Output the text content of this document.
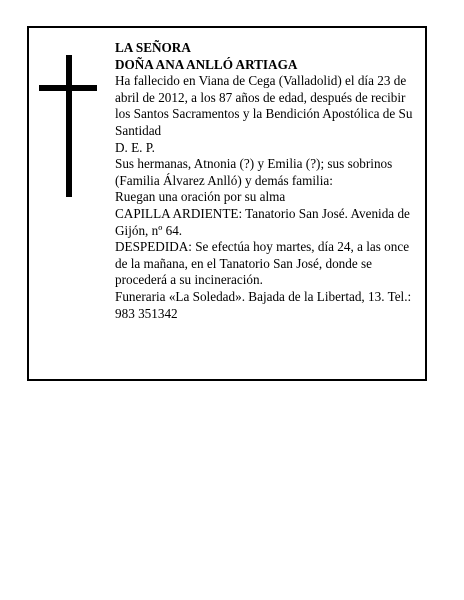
LA SEÑORA

DOÑA ANA ANLLÓ ARTIAGA

Ha fallecido en Viana de Cega (Valladolid) el día 23 de abril de 2012, a los 87 años de edad, después de recibir los Santos Sacramentos y la Bendición Apostólica de Su Santidad

D. E. P.

Sus hermanas, Atnonia (?) y Emilia (?); sus sobrinos (Familia Álvarez Anlló) y demás familia:

Ruegan una oración por su alma

CAPILLA ARDIENTE: Tanatorio San José. Avenida de Gijón, nº 64.

DESPEDIDA: Se efectúa hoy martes, día 24, a las once de la mañana, en el Tanatorio San José, donde se procederá a su incineración.

Funeraria «La Soledad». Bajada de la Libertad, 13. Tel.: 983 351342
